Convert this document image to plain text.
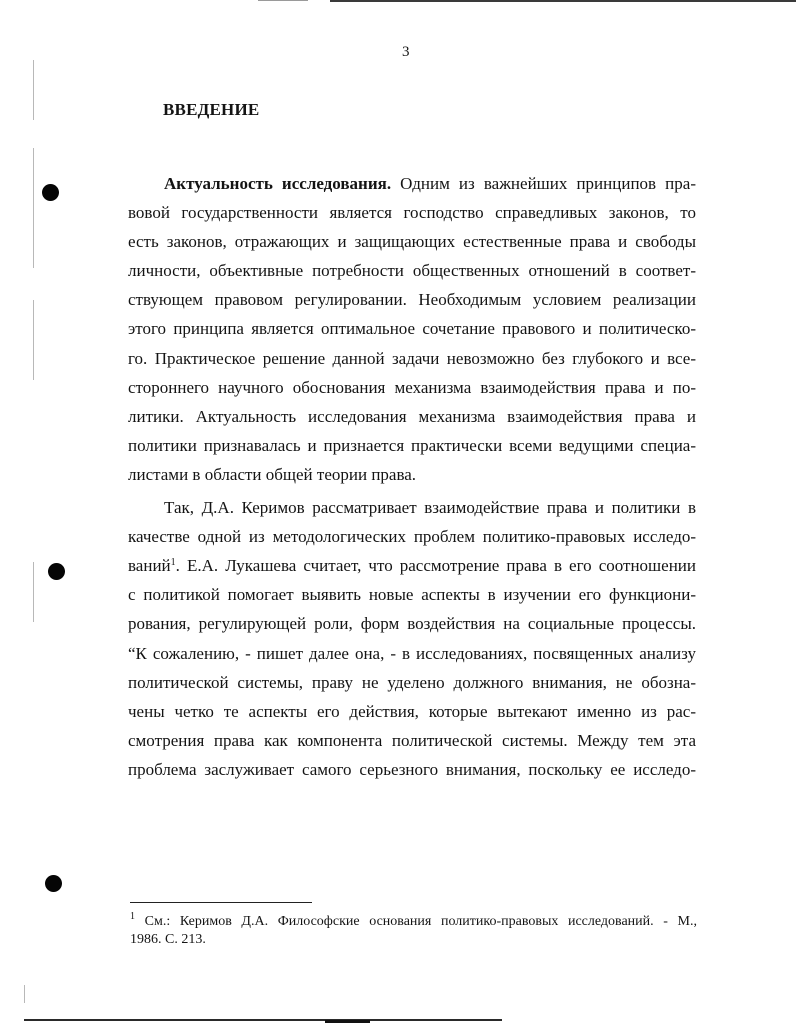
3
ВВЕДЕНИЕ
Актуальность исследования. Одним из важнейших принципов пра-
вовой государственности является господство справедливых законов, то
есть законов, отражающих и защищающих естественные права и свободы
личности, объективные потребности общественных отношений в соответ-
ствующем правовом регулировании. Необходимым условием реализации
этого принципа является оптимальное сочетание правового и политическо-
го. Практическое решение данной задачи невозможно без глубокого и все-
стороннего научного обоснования механизма взаимодействия права и по-
литики. Актуальность исследования механизма взаимодействия права и
политики признавалась и признается практически всеми ведущими специа-
листами в области общей теории права.
Так, Д.А. Керимов рассматривает взаимодействие права и политики в
качестве одной из методологических проблем политико-правовых исследо-
ваний$^1$. Е.А. Лукашева считает, что рассмотрение права в его соотношении
с политикой помогает выявить новые аспекты в изучении его функциони-
рования, регулирующей роли, форм воздействия на социальные процессы.
“К сожалению, - пишет далее она, - в исследованиях, посвященных анализу
политической системы, праву не уделено должного внимания, не обозна-
чены четко те аспекты его действия, которые вытекают именно из рас-
смотрения права как компонента политической системы. Между тем эта
проблема заслуживает самого серьезного внимания, поскольку ее исследо-
$^1$ См.: Керимов Д.А. Философские основания политико-правовых исследований. - М.,
1986. С. 213.
